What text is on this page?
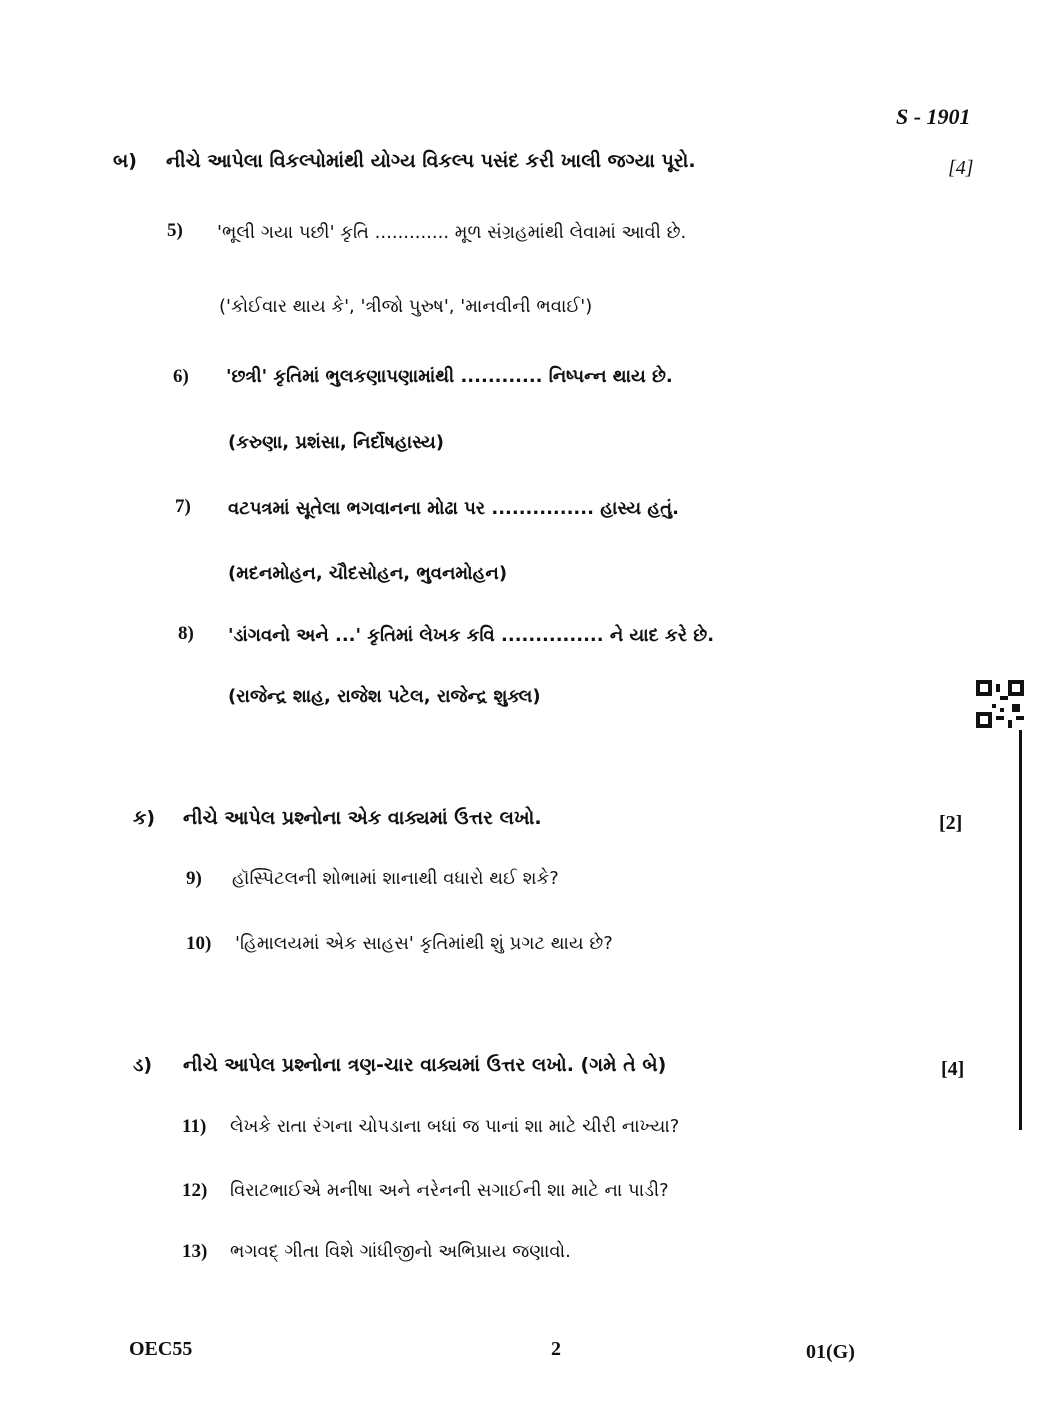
S - 1901
બ) નીચે આપેલા વિકલ્પોમાંથી યોગ્ય વિકલ્પ પસંદ કરી ખાલી જગ્યા પૂરો.	[4]
5) 'ભૂલી ગયા પછી' કૃતિ ............. મૂળ સંગ્રહમાંથી લેવામાં આવી છે.
('કોઈવાર થાય કે', 'ત્રીજો પુરુષ', 'માનવીની ભવાઈ')
6) 'છત્રી' કૃતિમાં ભુલકણાપણામાંથી ............ નિષ્પન્ન થાય છે.
(કરુણા, પ્રશંસા, નિર્દોષહાસ્ય)
7) વટપત્રમાં સૂતેલા ભગવાનના મોઢા પર ............... હાસ્ય હતું.
(મદનમોહન, ચૌદસોહન, ભુવનમોહન)
8) 'ડાંગવનો અને ...' કૃતિમાં લેખક કવિ ............... ને યાદ કરે છે.
(રાજેન્દ્ર શાહ, રાજેશ પટેલ, રાજેન્દ્ર શુક્લ)
ક) નીચે આપેલ પ્રશ્નોના એક વાક્યમાં ઉત્તર લખો.	[2]
9) હૉસ્પિટલની શોભામાં શાનાથી વધારો થઈ શકે?
10) 'હિમાલયમાં એક સાહસ' કૃતિમાંથી શું પ્રગટ થાય છે?
ડ) નીચે આપેલ પ્રશ્નોના ત્રણ-ચાર વાક્યમાં ઉત્તર લખો. (ગમે તે બે)	[4]
11) લેખકે રાતા રંગના ચોપડાના બધાં જ પાનાં શા માટે ચીરી નાખ્યા?
12) વિરાટભાઈએ મનીષા અને નરેનની સગાઈની શા માટે ના પાડી?
13) ભગવદ્ ગીતા વિશે ગાંધીજીનો અભિપ્રાય જણાવો.
OEC55	2	01(G)
